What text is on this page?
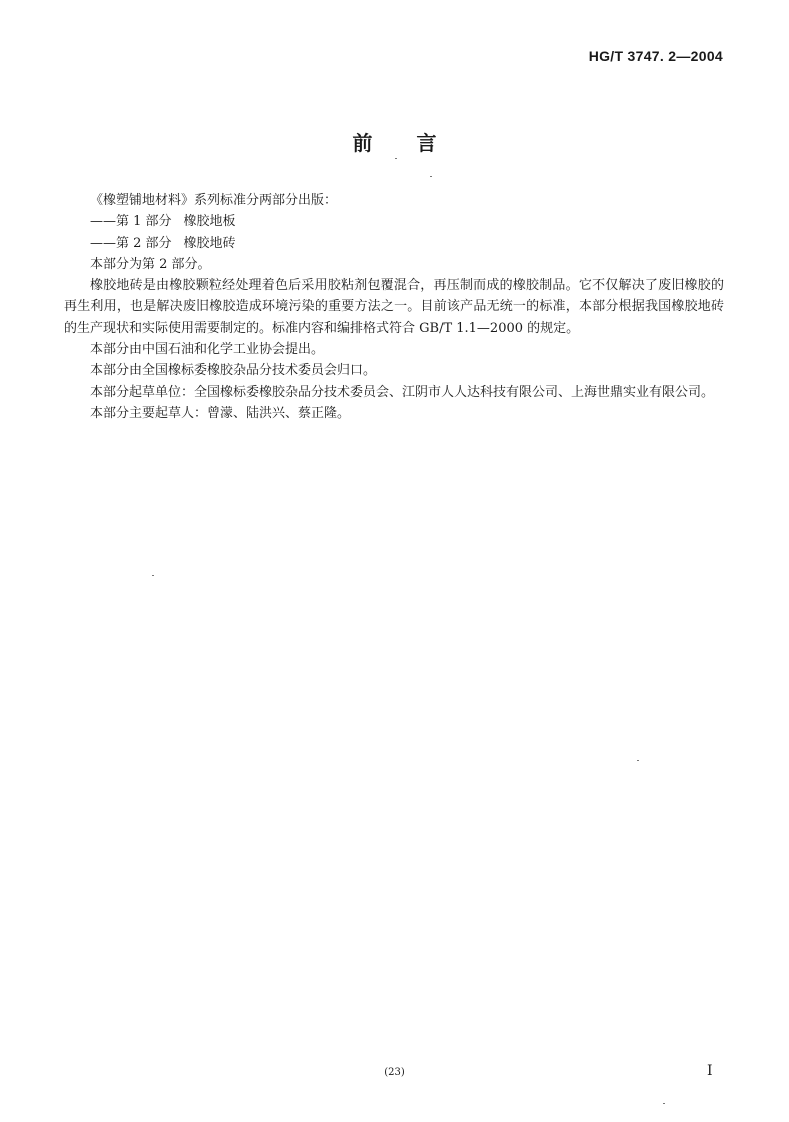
HG/T 3747. 2—2004
前 言

《橡塑铺地材料》系列标准分两部分出版：

——第 1 部分 橡胶地板

——第 2 部分 橡胶地砖

本部分为第 2 部分。

橡胶地砖是由橡胶颗粒经处理着色后采用胶粘剂包覆混合，再压制而成的橡胶制品。它不仅解决了废旧橡胶的再生利用，也是解决废旧橡胶造成环境污染的重要方法之一。目前该产品无统一的标准，本部分根据我国橡胶地砖的生产现状和实际使用需要制定的。标准内容和编排格式符合 GB/T 1.1—2000 的规定。

本部分由中国石油和化学工业协会提出。

本部分由全国橡标委橡胶杂品分技术委员会归口。

本部分起草单位：全国橡标委橡胶杂品分技术委员会、江阴市人人达科技有限公司、上海世鼎实业有限公司。

本部分主要起草人：曾濛、陆洪兴、蔡正隆。

(23)	I
